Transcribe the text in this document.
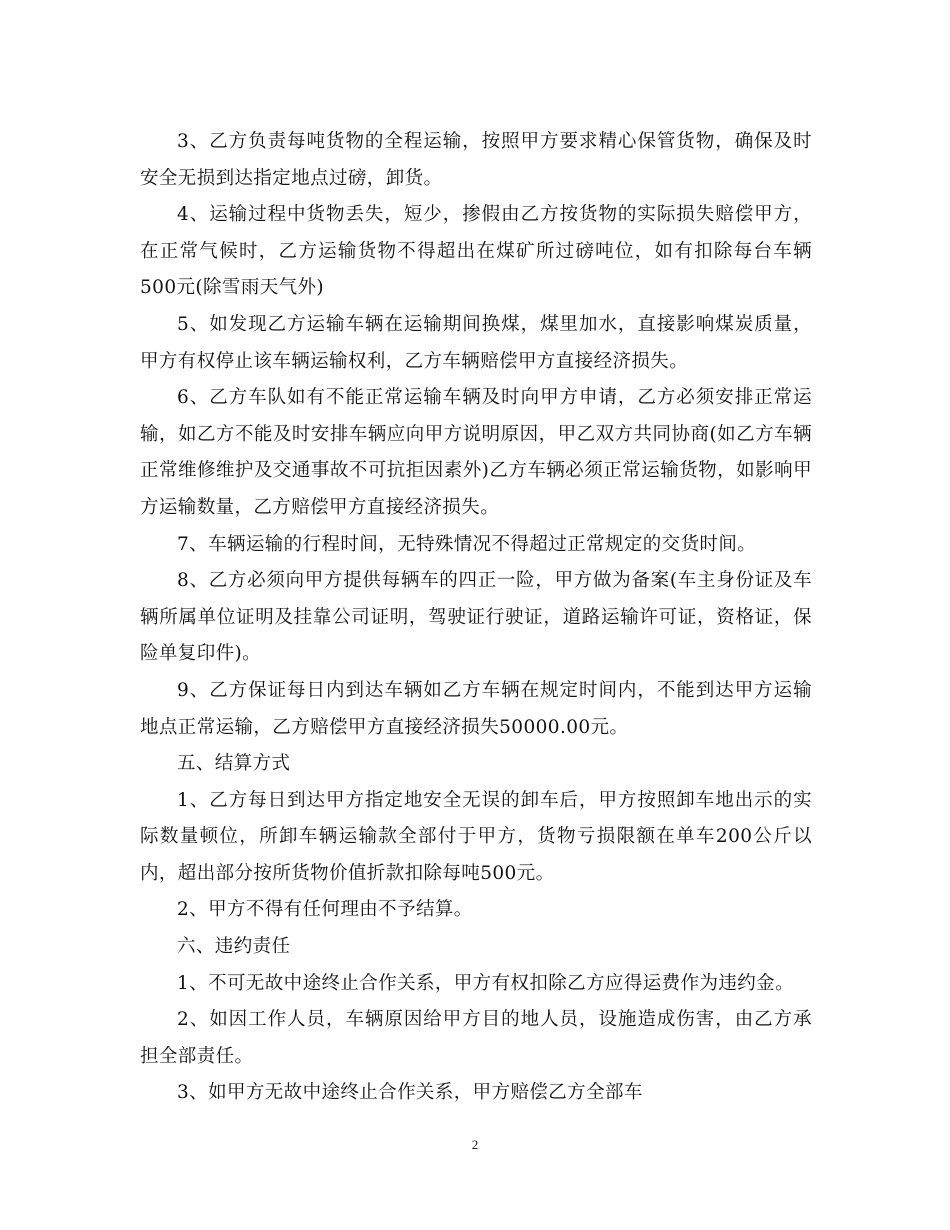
3、乙方负责每吨货物的全程运输，按照甲方要求精心保管货物，确保及时安全无损到达指定地点过磅，卸货。

4、运输过程中货物丢失，短少，掺假由乙方按货物的实际损失赔偿甲方，在正常气候时，乙方运输货物不得超出在煤矿所过磅吨位，如有扣除每台车辆500元(除雪雨天气外)

5、如发现乙方运输车辆在运输期间换煤，煤里加水，直接影响煤炭质量，甲方有权停止该车辆运输权利，乙方车辆赔偿甲方直接经济损失。

6、乙方车队如有不能正常运输车辆及时向甲方申请，乙方必须安排正常运输，如乙方不能及时安排车辆应向甲方说明原因，甲乙双方共同协商(如乙方车辆正常维修维护及交通事故不可抗拒因素外)乙方车辆必须正常运输货物，如影响甲方运输数量，乙方赔偿甲方直接经济损失。

7、车辆运输的行程时间，无特殊情况不得超过正常规定的交货时间。

8、乙方必须向甲方提供每辆车的四正一险，甲方做为备案(车主身份证及车辆所属单位证明及挂靠公司证明，驾驶证行驶证，道路运输许可证，资格证，保险单复印件)。

9、乙方保证每日内到达车辆如乙方车辆在规定时间内，不能到达甲方运输地点正常运输，乙方赔偿甲方直接经济损失50000.00元。

五、结算方式

1、乙方每日到达甲方指定地安全无误的卸车后，甲方按照卸车地出示的实际数量顿位，所卸车辆运输款全部付于甲方，货物亏损限额在单车200公斤以内，超出部分按所货物价值折款扣除每吨500元。

2、甲方不得有任何理由不予结算。

六、违约责任

1、不可无故中途终止合作关系，甲方有权扣除乙方应得运费作为违约金。

2、如因工作人员，车辆原因给甲方目的地人员，设施造成伤害，由乙方承担全部责任。

3、如甲方无故中途终止合作关系，甲方赔偿乙方全部车

2
